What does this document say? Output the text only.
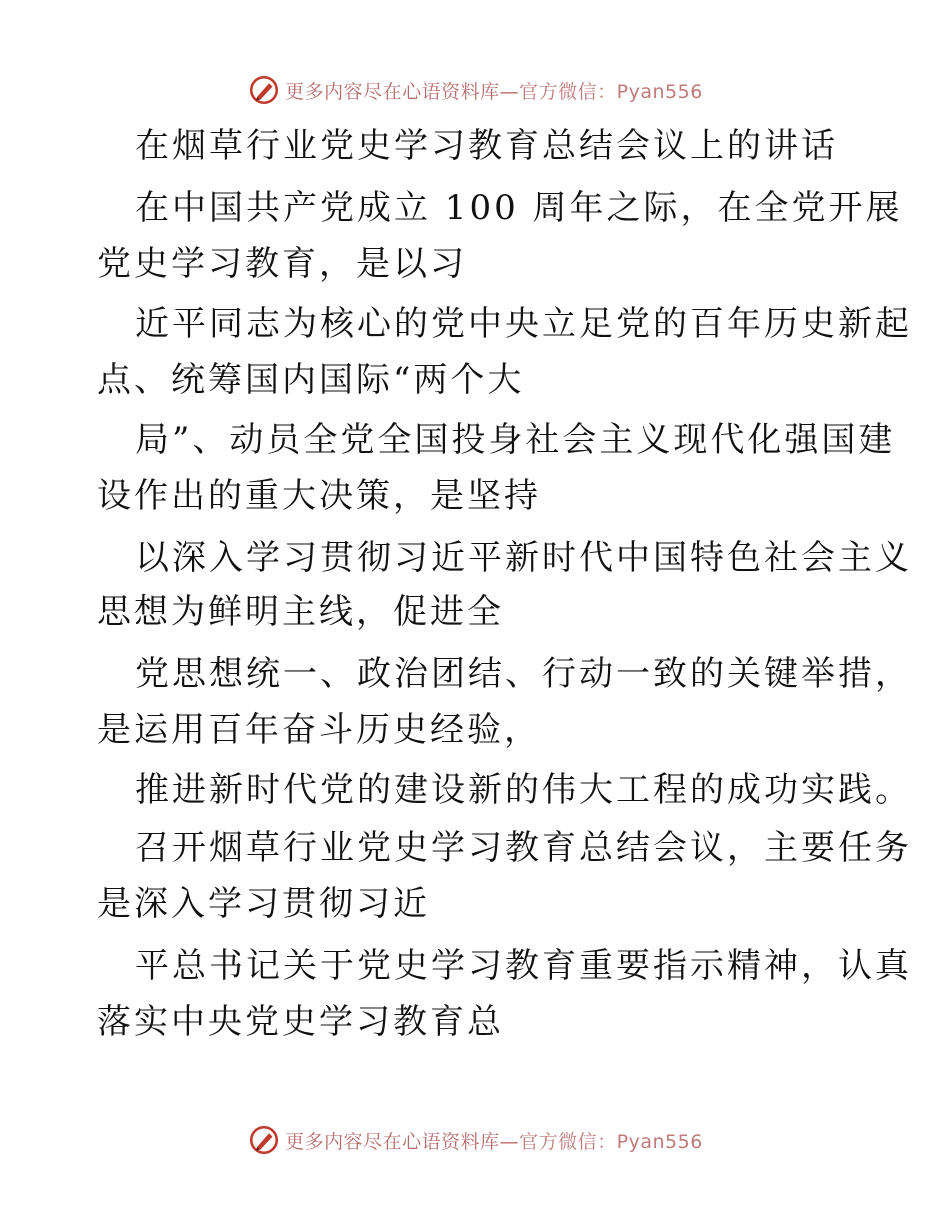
更多内容尽在心语资料库—官方微信：Pyan556
在烟草行业党史学习教育总结会议上的讲话
在中国共产党成立 100 周年之际，在全党开展
党史学习教育，是以习
近平同志为核心的党中央立足党的百年历史新起
点、统筹国内国际“两个大
局”、动员全党全国投身社会主义现代化强国建
设作出的重大决策，是坚持
以深入学习贯彻习近平新时代中国特色社会主义
思想为鲜明主线，促进全
党思想统一、政治团结、行动一致的关键举措，
是运用百年奋斗历史经验，
推进新时代党的建设新的伟大工程的成功实践。
召开烟草行业党史学习教育总结会议，主要任务
是深入学习贯彻习近
平总书记关于党史学习教育重要指示精神，认真
落实中央党史学习教育总
更多内容尽在心语资料库—官方微信：Pyan556
